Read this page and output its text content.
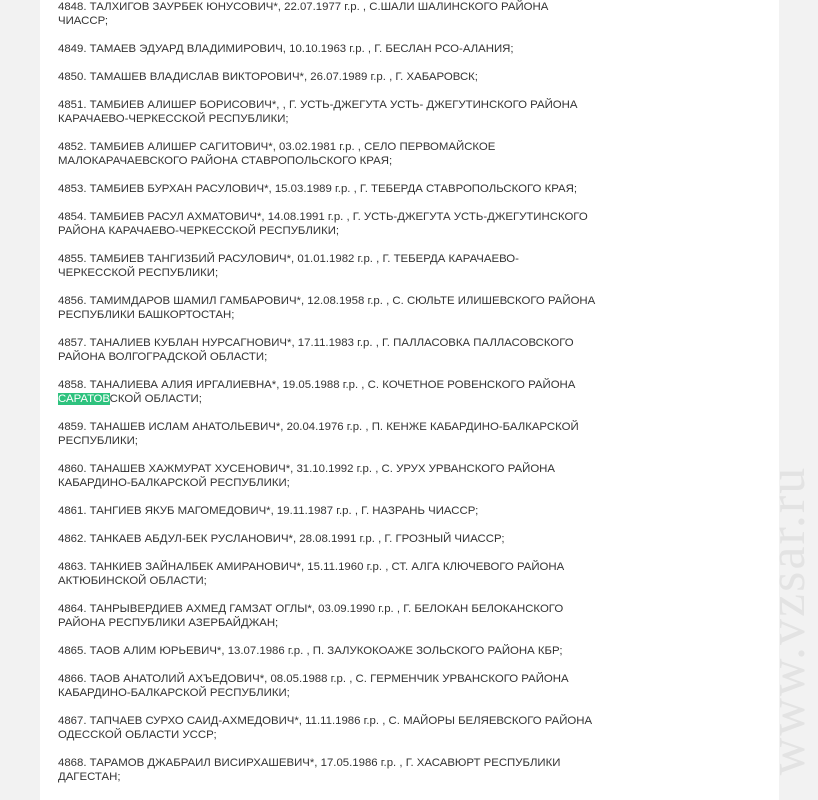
4848. ТАЛХИГОВ ЗАУРБЕК ЮНУСОВИЧ*, 22.07.1977 г.р. , С.ШАЛИ ШАЛИНСКОГО РАЙОНА
ЧИАССР;
4849. ТАМАЕВ ЭДУАРД ВЛАДИМИРОВИЧ, 10.10.1963 г.р. , Г. БЕСЛАН РСО-АЛАНИЯ;
4850. ТАМАШЕВ ВЛАДИСЛАВ ВИКТОРОВИЧ*, 26.07.1989 г.р. , Г. ХАБАРОВСК;
4851. ТАМБИЕВ АЛИШЕР БОРИСОВИЧ*, , Г. УСТЬ-ДЖЕГУТА УСТЬ- ДЖЕГУТИНСКОГО РАЙОНА
КАРАЧАЕВО-ЧЕРКЕССКОЙ РЕСПУБЛИКИ;
4852. ТАМБИЕВ АЛИШЕР САГИТОВИЧ*, 03.02.1981 г.р. , СЕЛО ПЕРВОМАЙСКОЕ
МАЛОКАРАЧАЕВСКОГО РАЙОНА СТАВРОПОЛЬСКОГО КРАЯ;
4853. ТАМБИЕВ БУРХАН РАСУЛОВИЧ*, 15.03.1989 г.р. , Г. ТЕБЕРДА СТАВРОПОЛЬСКОГО КРАЯ;
4854. ТАМБИЕВ РАСУЛ АХМАТОВИЧ*, 14.08.1991 г.р. , Г. УСТЬ-ДЖЕГУТА УСТЬ-ДЖЕГУТИНСКОГО
РАЙОНА КАРАЧАЕВО-ЧЕРКЕССКОЙ РЕСПУБЛИКИ;
4855. ТАМБИЕВ ТАНГИЗБИЙ РАСУЛОВИЧ*, 01.01.1982 г.р. , Г. ТЕБЕРДА КАРАЧАЕВО-
ЧЕРКЕССКОЙ РЕСПУБЛИКИ;
4856. ТАМИМДАРОВ ШАМИЛ ГАМБАРОВИЧ*, 12.08.1958 г.р. , С. СЮЛЬТЕ ИЛИШЕВСКОГО РАЙОНА
РЕСПУБЛИКИ БАШКОРТОСТАН;
4857. ТАНАЛИЕВ КУБЛАН НУРСАГНОВИЧ*, 17.11.1983 г.р. , Г. ПАЛЛАСОВКА ПАЛЛАСОВСКОГО
РАЙОНА ВОЛГОГРАДСКОЙ ОБЛАСТИ;
4858. ТАНАЛИЕВА АЛИЯ ИРГАЛИЕВНА*, 19.05.1988 г.р. , С. КОЧЕТНОЕ РОВЕНСКОГО РАЙОНА
САРАТОВСКОЙ ОБЛАСТИ;
4859. ТАНАШЕВ ИСЛАМ АНАТОЛЬЕВИЧ*, 20.04.1976 г.р. , П. КЕНЖЕ КАБАРДИНО-БАЛКАРСКОЙ
РЕСПУБЛИКИ;
4860. ТАНАШЕВ ХАЖМУРАТ ХУСЕНОВИЧ*, 31.10.1992 г.р. , С. УРУХ УРВАНСКОГО РАЙОНА
КАБАРДИНО-БАЛКАРСКОЙ РЕСПУБЛИКИ;
4861. ТАНГИЕВ ЯКУБ МАГОМЕДОВИЧ*, 19.11.1987 г.р. , Г. НАЗРАНЬ ЧИАССР;
4862. ТАНКАЕВ АБДУЛ-БЕК РУСЛАНОВИЧ*, 28.08.1991 г.р. , Г. ГРОЗНЫЙ ЧИАССР;
4863. ТАНКИЕВ ЗАЙНАЛБЕК АМИРАНОВИЧ*, 15.11.1960 г.р. , СТ. АЛГА КЛЮЧЕВОГО РАЙОНА
АКТЮБИНСКОЙ ОБЛАСТИ;
4864. ТАНРЫВЕРДИЕВ АХМЕД ГАМЗАТ ОГЛЫ*, 03.09.1990 г.р. , Г. БЕЛОКАН БЕЛОКАНСКОГО
РАЙОНА РЕСПУБЛИКИ АЗЕРБАЙДЖАН;
4865. ТАОВ АЛИМ ЮРЬЕВИЧ*, 13.07.1986 г.р. , П. ЗАЛУКОКОАЖЕ ЗОЛЬСКОГО РАЙОНА КБР;
4866. ТАОВ АНАТОЛИЙ АХЪЕДОВИЧ*, 08.05.1988 г.р. , С. ГЕРМЕНЧИК УРВАНСКОГО РАЙОНА
КАБАРДИНО-БАЛКАРСКОЙ РЕСПУБЛИКИ;
4867. ТАПЧАЕВ СУРХО САИД-АХМЕДОВИЧ*, 11.11.1986 г.р. , С. МАЙОРЫ БЕЛЯЕВСКОГО РАЙОНА
ОДЕССКОЙ ОБЛАСТИ УССР;
4868. ТАРАМОВ ДЖАБРАИЛ ВИСИРХАШЕВИЧ*, 17.05.1986 г.р. , Г. ХАСАВЮРТ РЕСПУБЛИКИ
ДАГЕСТАН;
www.vzsar.ru
